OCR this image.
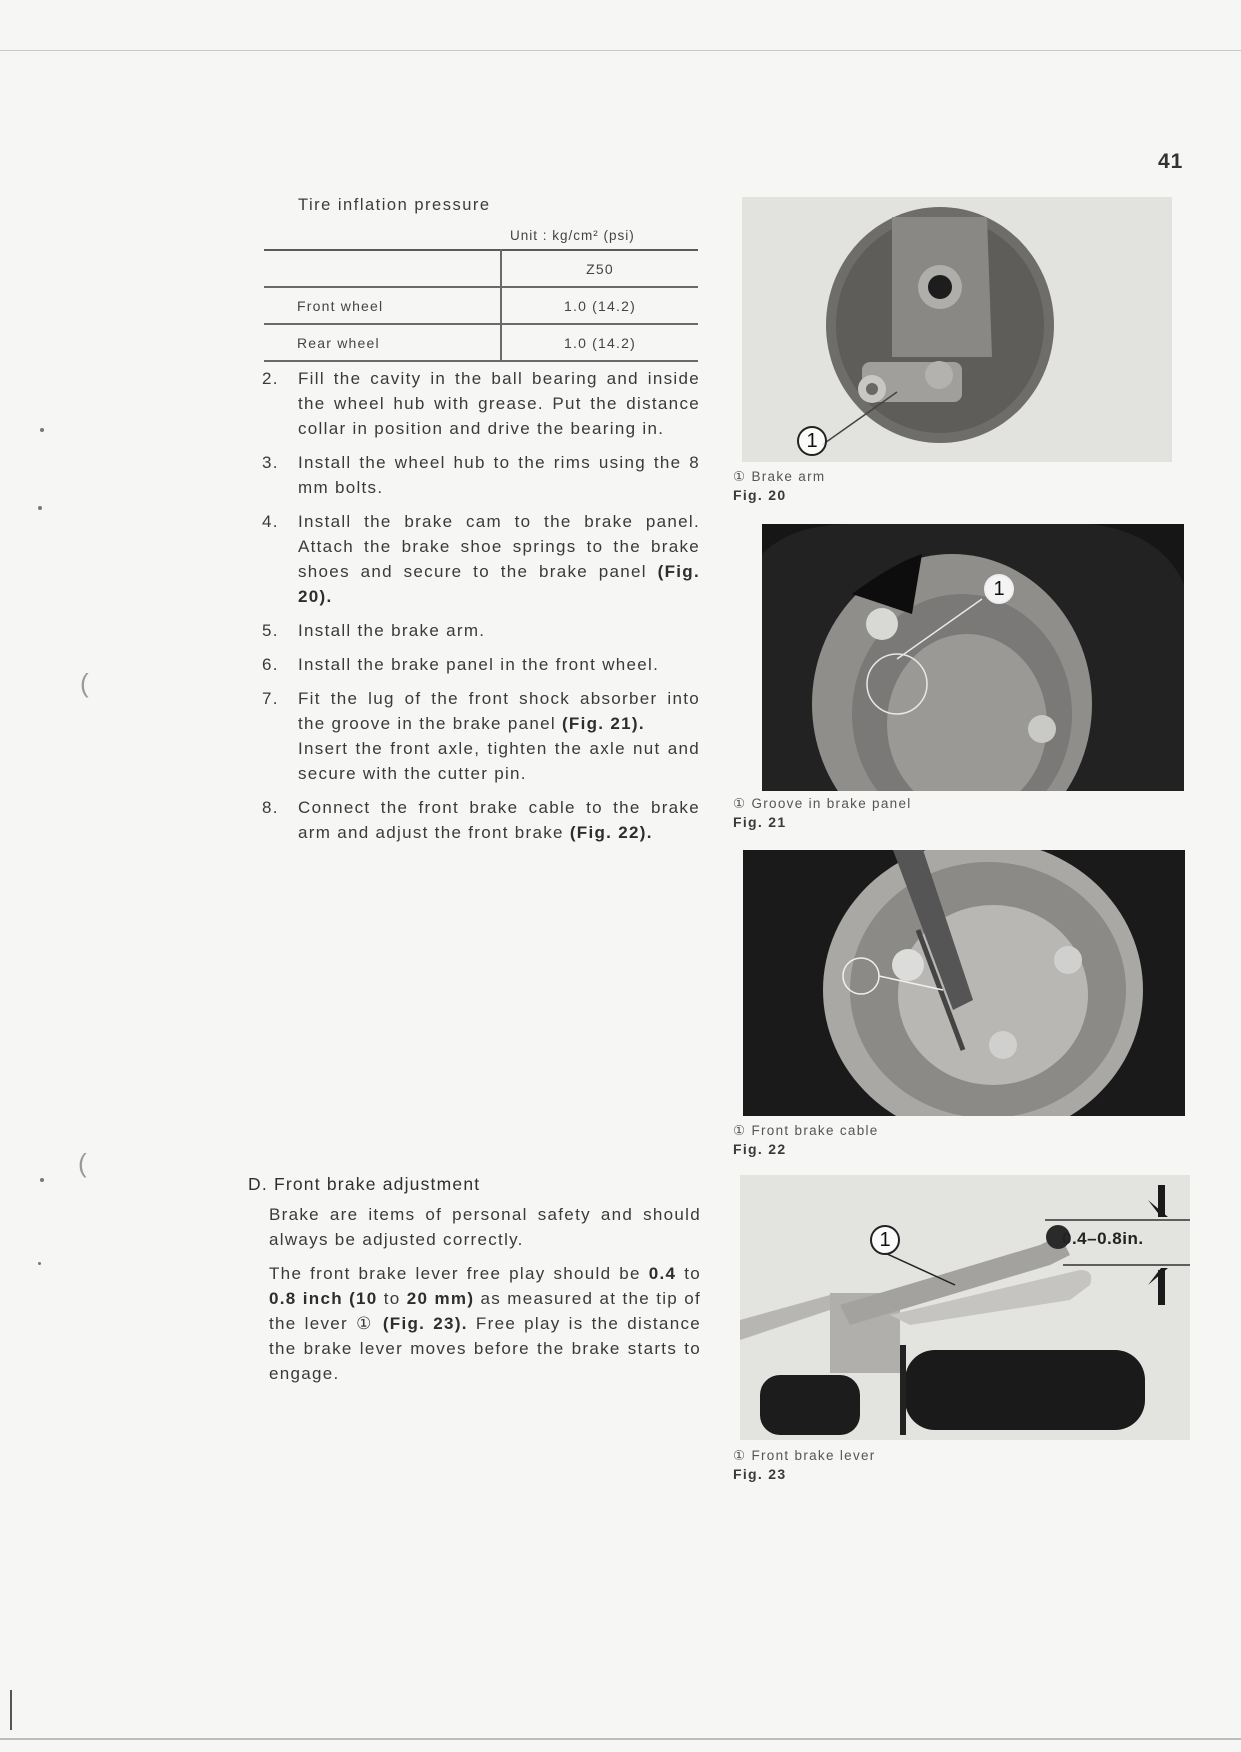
(
(
41
Tire inflation pressure
Unit : kg/cm² (psi)
	Z50
Front wheel	1.0 (14.2)
Rear wheel	1.0 (14.2)
2.	Fill the cavity in the ball bearing and inside the wheel hub with grease. Put the distance collar in position and drive the bearing in.
3.	Install the wheel hub to the rims using the 8 mm bolts.
4.	Install the brake cam to the brake panel. Attach the brake shoe springs to the brake shoes and secure to the brake panel (Fig. 20).
5.	Install the brake arm.
6.	Install the brake panel in the front wheel.
7.	Fit the lug of the front shock absorber into the groove in the brake panel (Fig. 21).
Insert the front axle, tighten the axle nut and secure with the cutter pin.
8.	Connect the front brake cable to the brake arm and adjust the front brake (Fig. 22).
D. Front brake adjustment

Brake are items of personal safety and should always be adjusted correctly.

The front brake lever free play should be 0.4 to 0.8 inch (10 to 20 mm) as measured at the tip of the lever ① (Fig. 23). Free play is the distance the brake lever moves before the brake starts to engage.

1
① Brake arm
Fig. 20
1
① Groove in brake panel
Fig. 21
① Front brake cable
Fig. 22
1	0.4–0.8in.
① Front brake lever
Fig. 23
